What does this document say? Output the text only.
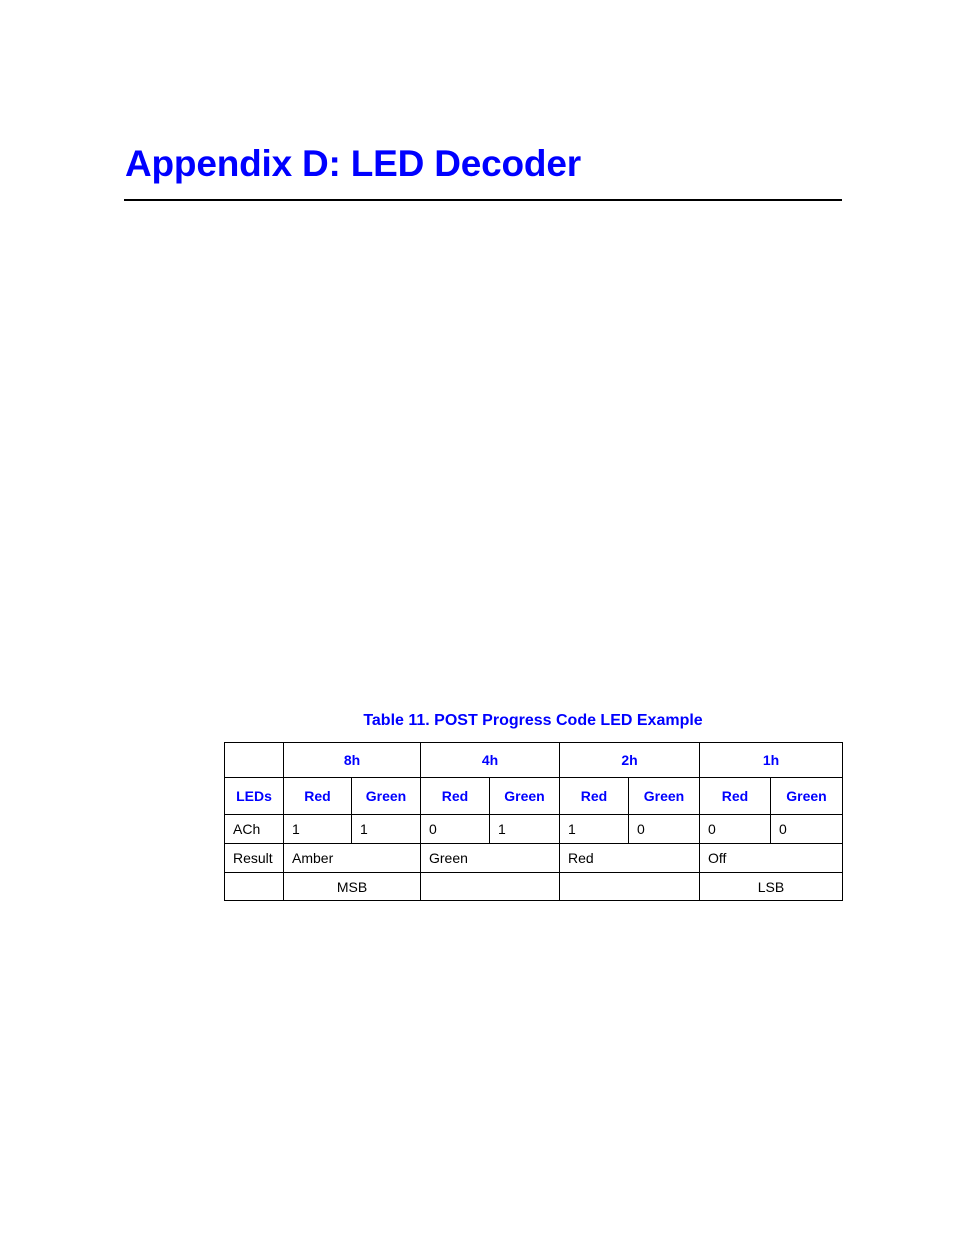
Appendix D: LED Decoder
Table 11. POST Progress Code LED Example
	8h		4h		2h		1h	
LEDs	Red	Green	Red	Green	Red	Green	Red	Green
ACh	1	1	0	1	1	0	0	0
Result	Amber		Green		Red		Off	
	MSB						LSB	
